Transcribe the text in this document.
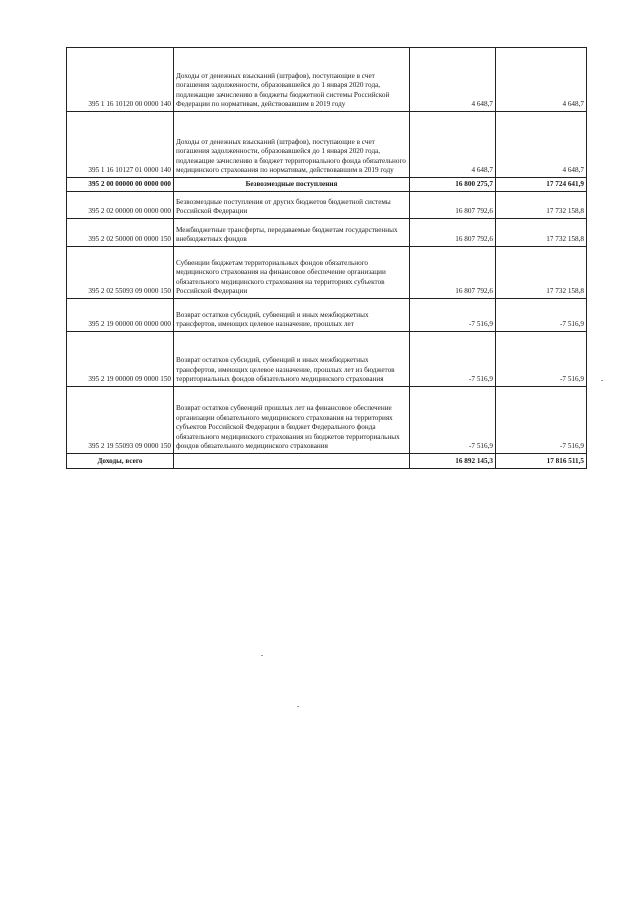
395 1 16 10120 00 0000 140	Доходы от денежных взысканий (штрафов), поступающие в счет погашения задолженности, образовавшейся до 1 января 2020 года, подлежащие зачислению в бюджеты бюджетной системы Российской Федерации по нормативам, действовавшим в 2019 году	4 648,7	4 648,7
395 1 16 10127 01 0000 140	Доходы от денежных взысканий (штрафов), поступающие в счет погашения задолженности, образовавшейся до 1 января 2020 года, подлежащие зачислению в бюджет территориального фонда обязательного медицинского страхования по нормативам, действовавшим в 2019 году	4 648,7	4 648,7
395 2 00 00000 00 0000 000	Безвозмездные поступления	16 800 275,7	17 724 641,9
395 2 02 00000 00 0000 000	Безвозмездные поступления от других бюджетов бюджетной системы Российской Федерации	16 807 792,6	17 732 158,8
395 2 02 50000 00 0000 150	Межбюджетные трансферты, передаваемые бюджетам государственных внебюджетных фондов	16 807 792,6	17 732 158,8
395 2 02 55093 09 0000 150	Субвенции бюджетам территориальных фондов обязательного медицинского страхования на финансовое обеспечение организации обязательного медицинского страхования на территориях субъектов Российской Федерации	16 807 792,6	17 732 158,8
395 2 19 00000 00 0000 000	Возврат остатков субсидий, субвенций и иных межбюджетных трансфертов, имеющих целевое назначение, прошлых лет	-7 516,9	-7 516,9
395 2 19 00000 09 0000 150	Возврат остатков субсидий, субвенций и иных межбюджетных трансфертов, имеющих целевое назначение, прошлых лет из бюджетов территориальных фондов обязательного медицинского страхования	-7 516,9	-7 516,9
395 2 19 55093 09 0000 150	Возврат остатков субвенций прошлых лет на финансовое обеспечение организации обязательного медицинского страхования на территориях субъектов Российской Федерации в бюджет Федерального фонда обязательного медицинского страхования из бюджетов территориальных фондов обязательного медицинского страхования	-7 516,9	-7 516,9
Доходы, всего		16 892 145,3	17 816 511,5
